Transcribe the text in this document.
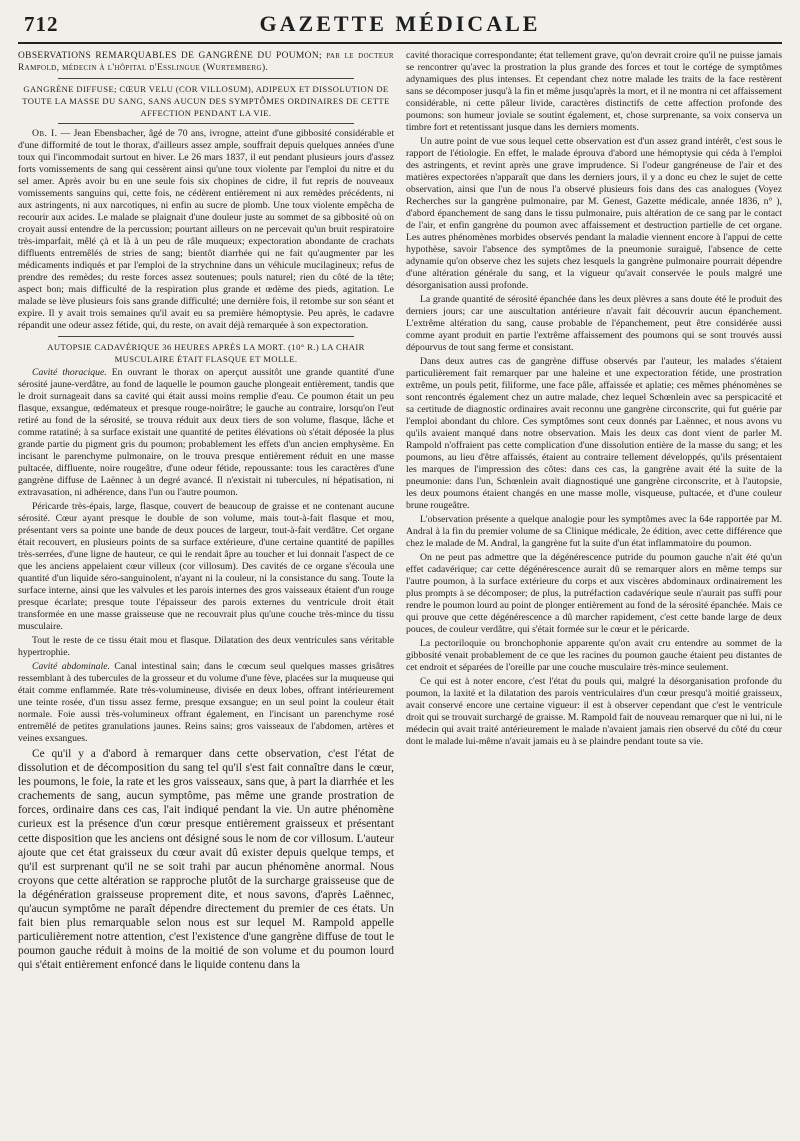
712	GAZETTE MÉDICALE

OBSERVATIONS REMARQUABLES DE GANGRÈNE DU POUMON; par le docteur Rampold, médecin à l'hôpital d'Esslingue (Wurtemberg).

GANGRÈNE DIFFUSE; CŒUR VELU (COR VILLOSUM), ADIPEUX ET DISSOLUTION DE TOUTE LA MASSE DU SANG, SANS AUCUN DES SYMPTÔMES ORDINAIRES DE CETTE AFFECTION PENDANT LA VIE.

Ob. I. — Jean Ebensbacher, âgé de 70 ans, ivrogne, atteint d'une gibbosité considérable et d'une difformité de tout le thorax, d'ailleurs assez ample, souffrait depuis quelques années d'une toux qui l'incommodait surtout en hiver. Le 26 mars 1837, il eut pendant plusieurs jours d'assez forts vomissements de sang qui cessèrent ainsi qu'une toux violente par l'emploi du nitre et du sel amer. Après avoir bu en une seule fois six chopines de cidre, il fut repris de nouveaux vomissements sanguins qui, cette fois, ne cédèrent entièrement ni aux remèdes précédents, ni aux astringents, ni aux narcotiques, ni enfin au sucre de plomb. Une toux violente empêcha de recourir aux acides. Le malade se plaignait d'une douleur juste au sommet de sa gibbosité où on croyait aussi entendre de la percussion; pourtant ailleurs on ne percevait qu'un bruit respiratoire très-imparfait, mêlé çà et là à un peu de râle muqueux; expectoration abondante de crachats diffluents entremêlés de stries de sang; bientôt diarrhée qui ne fait qu'augmenter par les médicaments indiqués et par l'emploi de la strychnine dans un véhicule mucilagineux; refus de prendre des remèdes; du reste forces assez soutenues; pouls naturel; rien du côté de la tête; aspect bon; mais difficulté de la respiration plus grande et œdème des pieds, agitation. Le malade se lève plusieurs fois sans grande difficulté; une dernière fois, il retombe sur son séant et expire. Il y avait trois semaines qu'il avait eu sa première hémoptysie. Peu après, le cadavre répandit une odeur assez fétide, qui, du reste, on avait déjà remarquée à son expectoration.

AUTOPSIE CADAVÉRIQUE 36 HEURES APRÈS LA MORT. (10° R.) LA CHAIR MUSCULAIRE ÉTAIT FLASQUE ET MOLLE.

Cavité thoracique. En ouvrant le thorax on aperçut aussitôt une grande quantité d'une sérosité jaune-verdâtre, au fond de laquelle le poumon gauche plongeait entièrement, tandis que le droit surnageait dans sa cavité qui était aussi moins remplie d'eau. Ce poumon était un peu flasque, exsangue, œdémateux et presque rouge-noirâtre; le gauche au contraire, lorsqu'on l'eut retiré au fond de la sérosité, se trouva réduit aux deux tiers de son volume, flasque, lâche et comme ratatiné; à sa surface existait une quantité de petites élévations où s'était déposée la plus grande partie du pigment gris du poumon; probablement les effets d'un ancien emphysème. En incisant le parenchyme pulmonaire, on le trouva presque entièrement réduit en une masse pultacée, diffluente, noire rougeâtre, d'une odeur fétide, repoussante: tous les caractères d'une gangrène diffuse de Laënnec à un degré avancé. Il n'existait ni tubercules, ni hépatisation, ni extravasation, ni adhérence, dans l'un ou l'autre poumon.

Péricarde très-épais, large, flasque, couvert de beaucoup de graisse et ne contenant aucune sérosité. Cœur ayant presque le double de son volume, mais tout-à-fait flasque et mou, présentant vers sa pointe une bande de deux pouces de largeur, tout-à-fait verdâtre. Cet organe était recouvert, en plusieurs points de sa surface extérieure, d'une certaine quantité de papilles très-serrées, d'une ligne de hauteur, ce qui le rendait âpre au toucher et lui donnait l'aspect de ce que les anciens appelaient cœur villeux (cor villosum). Des cavités de ce organe s'écoula une quantité d'un liquide séro-sanguinolent, n'ayant ni la couleur, ni la consistance du sang. Toute la surface interne, ainsi que les valvules et les parois internes des gros vaisseaux étaient d'un rouge presque écarlate; presque toute l'épaisseur des parois externes du ventricule droit était transformée en une masse graisseuse que ne recouvrait plus qu'une couche très-mince du tissu musculaire.

Tout le reste de ce tissu était mou et flasque. Dilatation des deux ventricules sans véritable hypertrophie.

Cavité abdominale. Canal intestinal sain; dans le cœcum seul quelques masses grisâtres ressemblant à des tubercules de la grosseur et du volume d'une fève, placées sur la muqueuse qui était comme enflammée. Rate très-volumineuse, divisée en deux lobes, offrant intérieurement une teinte rosée, d'un tissu assez ferme, presque exsangue; en un seul point la couleur était normale. Foie aussi très-volumineux offrant également, en l'incisant un parenchyme rosé entremêlé de petites granulations jaunes. Reins sains; gros vaisseaux de l'abdomen, artères et veines exsangues.

Ce qu'il y a d'abord à remarquer dans cette observation, c'est l'état de dissolution et de décomposition du sang tel qu'il s'est fait connaître dans le cœur, les poumons, le foie, la rate et les gros vaisseaux, sans que, à part la diarrhée et les crachements de sang, aucun symptôme, pas même une grande prostration de forces, ordinaire dans ces cas, l'ait indiqué pendant la vie. Un autre phénomène curieux est la présence d'un cœur presque entièrement graisseux et présentant cette disposition que les anciens ont désigné sous le nom de cor villosum. L'auteur ajoute que cet état graisseux du cœur avait dû exister depuis quelque temps, et qu'il est surprenant qu'il ne se soit trahi par aucun phénomène anormal. Nous croyons que cette altération se rapproche plutôt de la surcharge graisseuse que de la dégénération graisseuse proprement dite, et nous savons, d'après Laënnec, qu'aucun symptôme ne paraît dépendre directement du premier de ces états. Un fait bien plus remarquable selon nous est sur lequel M. Rampold appelle particulièrement notre attention, c'est l'existence d'une gangrène diffuse de tout le poumon gauche réduit à moins de la moitié de son volume et du poumon lourd qui s'était entièrement enfoncé dans le liquide contenu dans la

cavité thoracique correspondante; état tellement grave, qu'on devrait croire qu'il ne puisse jamais se rencontrer qu'avec la prostration la plus grande des forces et tout le cortége de symptômes adynamiques des plus intenses. Et cependant chez notre malade les traits de la face restèrent sans se décomposer jusqu'à la fin et même jusqu'après la mort, et il ne montra ni cet affaissement considérable, ni cette pâleur livide, caractères distinctifs de cette affection profonde des poumons: son humeur joviale se soutint également, et, chose surprenante, sa voix conserva un timbre fort et retentissant jusque dans les derniers moments.

Un autre point de vue sous lequel cette observation est d'un assez grand intérêt, c'est sous le rapport de l'étiologie. En effet, le malade éprouva d'abord une hémoptysie qui céda à l'emploi des astringents, et revint après une grave imprudence. Si l'odeur gangréneuse de l'air et des matières expectorées n'apparaît que dans les derniers jours, il y a donc eu chez le sujet de cette observation, ainsi que l'un de nous l'a observé plusieurs fois dans des cas analogues (Voyez Recherches sur la gangrène pulmonaire, par M. Genest, Gazette médicale, année 1836, n° ), d'abord épanchement de sang dans le tissu pulmonaire, puis altération de ce sang par le contact de l'air, et enfin gangrène du poumon avec affaissement et destruction partielle de cet organe. Les autres phénomènes morbides observés pendant la maladie viennent encore à l'appui de cette hypothèse, savoir l'absence des symptômes de la pneumonie suraiguë, l'absence de cette adynamie qu'on observe chez les sujets chez lesquels la gangrène pulmonaire pourrait dépendre d'une altération générale du sang, et la vigueur qu'avait conservée le pouls malgré une désorganisation aussi profonde.

La grande quantité de sérosité épanchée dans les deux plèvres a sans doute été le produit des derniers jours; car une auscultation antérieure n'avait fait découvrir aucun épanchement. L'extrême altération du sang, cause probable de l'épanchement, peut être considérée aussi comme ayant produit en partie l'extrême affaissement des poumons qui se sont trouvés aussi dépourvus de tout sang ferme et consistant.

Dans deux autres cas de gangrène diffuse observés par l'auteur, les malades s'étaient particulièrement fait remarquer par une haleine et une expectoration fétide, une prostration extrême, un pouls petit, filiforme, une face pâle, affaissée et aplatie; ces mêmes phénomènes se sont rencontrés également chez un autre malade, chez lequel Schœnlein avec sa perspicacité et sa certitude de diagnostic ordinaires avait reconnu une gangrène circonscrite, qui fut guérie par l'emploi abondant du chlore. Ces symptômes sont ceux donnés par Laënnec, et nous avons vu qu'ils avaient manqué dans notre observation. Mais les deux cas dont vient de parler M. Rampold n'offraient pas cette complication d'une dissolution entière de la masse du sang; et les poumons, au lieu d'être affaissés, étaient au contraire tellement développés, qu'ils présentaient les marques de l'impression des côtes: dans ces cas, la gangrène avait été la suite de la pneumonie: dans l'un, Schœnlein avait diagnostiqué une gangrène circonscrite, et à l'autopsie, les deux poumons étaient changés en une masse molle, visqueuse, pultacée, et d'une couleur brune rougeâtre.

L'observation présente a quelque analogie pour les symptômes avec la 64e rapportée par M. Andral à la fin du premier volume de sa Clinique médicale, 2e édition, avec cette différence que chez le malade de M. Andral, la gangrène fut la suite d'un état inflammatoire du poumon.

On ne peut pas admettre que la dégénérescence putride du poumon gauche n'ait été qu'un effet cadavérique; car cette dégénérescence aurait dû se remarquer alors en même temps sur l'autre poumon, à la surface extérieure du corps et aux viscères abdominaux ordinairement les plus prompts à se décomposer; de plus, la putréfaction cadavérique seule n'aurait pas suffi pour rendre le poumon lourd au point de plonger entièrement au fond de la sérosité épanchée. Mais ce qui prouve que cette dégénérescence a dû marcher rapidement, c'est cette bande large de deux pouces, de couleur verdâtre, qui s'était formée sur le cœur et le péricarde.

La pectoriloquie ou bronchophonie apparente qu'on avait cru entendre au sommet de la gibbosité venait probablement de ce que les racines du poumon gauche étaient peu distantes de cet endroit et séparées de l'oreille par une couche musculaire très-mince seulement.

Ce qui est à noter encore, c'est l'état du pouls qui, malgré la désorganisation profonde du poumon, la laxité et la dilatation des parois ventriculaires d'un cœur presqu'à moitié graisseux, avait conservé encore une certaine vigueur: il est à observer cependant que c'est le ventricule droit qui se trouvait surchargé de graisse. M. Rampold fait de nouveau remarquer que ni lui, ni le médecin qui avait traité antérieurement le malade n'avaient jamais rien observé du côté du cœur dont le malade lui-même n'avait jamais eu à se plaindre pendant toute sa vie.
